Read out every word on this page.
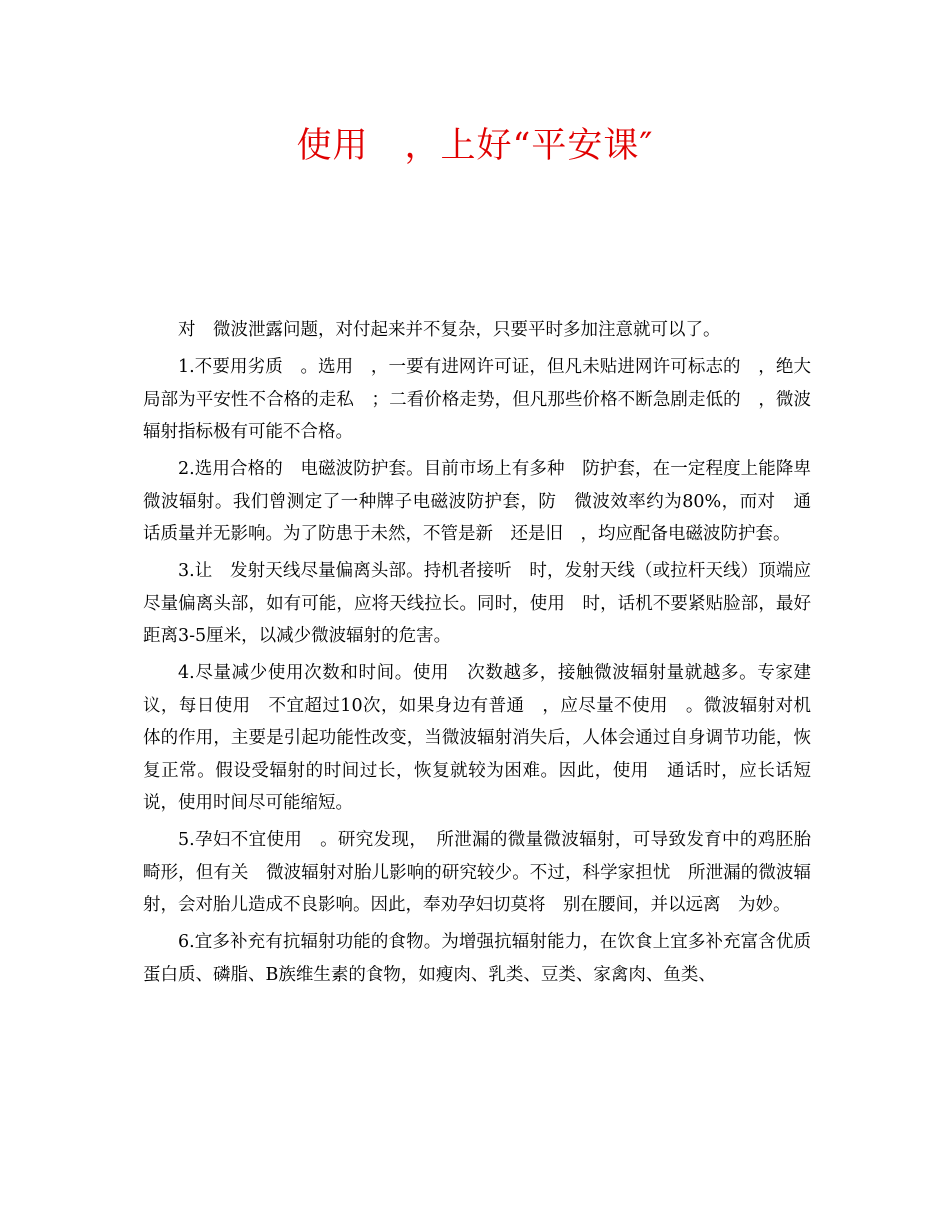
使用　，上好“平安课″

对　微波泄露问题，对付起来并不复杂，只要平时多加注意就可以了。

1.不要用劣质　。选用　，一要有进网许可证，但凡未贴进网许可标志的　，绝大局部为平安性不合格的走私　；二看价格走势，但凡那些价格不断急剧走低的　，微波辐射指标极有可能不合格。

2.选用合格的　电磁波防护套。目前市场上有多种　防护套，在一定程度上能降卑微波辐射。我们曾测定了一种牌子电磁波防护套，防　微波效率约为80%，而对　通话质量并无影响。为了防患于未然，不管是新　还是旧　，均应配备电磁波防护套。

3.让　发射天线尽量偏离头部。持机者接听　时，发射天线（或拉杆天线）顶端应尽量偏离头部，如有可能，应将天线拉长。同时，使用　时，话机不要紧贴脸部，最好距离3-5厘米，以减少微波辐射的危害。

4.尽量减少使用次数和时间。使用　次数越多，接触微波辐射量就越多。专家建议，每日使用　不宜超过10次，如果身边有普通　，应尽量不使用　。微波辐射对机体的作用，主要是引起功能性改变，当微波辐射消失后，人体会通过自身调节功能，恢复正常。假设受辐射的时间过长，恢复就较为困难。因此，使用　通话时，应长话短说，使用时间尽可能缩短。

5.孕妇不宜使用　。研究发现，　所泄漏的微量微波辐射，可导致发育中的鸡胚胎畸形，但有关　微波辐射对胎儿影响的研究较少。不过，科学家担忧　所泄漏的微波辐射，会对胎儿造成不良影响。因此，奉劝孕妇切莫将　别在腰间，并以远离　为妙。

6.宜多补充有抗辐射功能的食物。为增强抗辐射能力，在饮食上宜多补充富含优质蛋白质、磷脂、B族维生素的食物，如瘦肉、乳类、豆类、家禽肉、鱼类、
